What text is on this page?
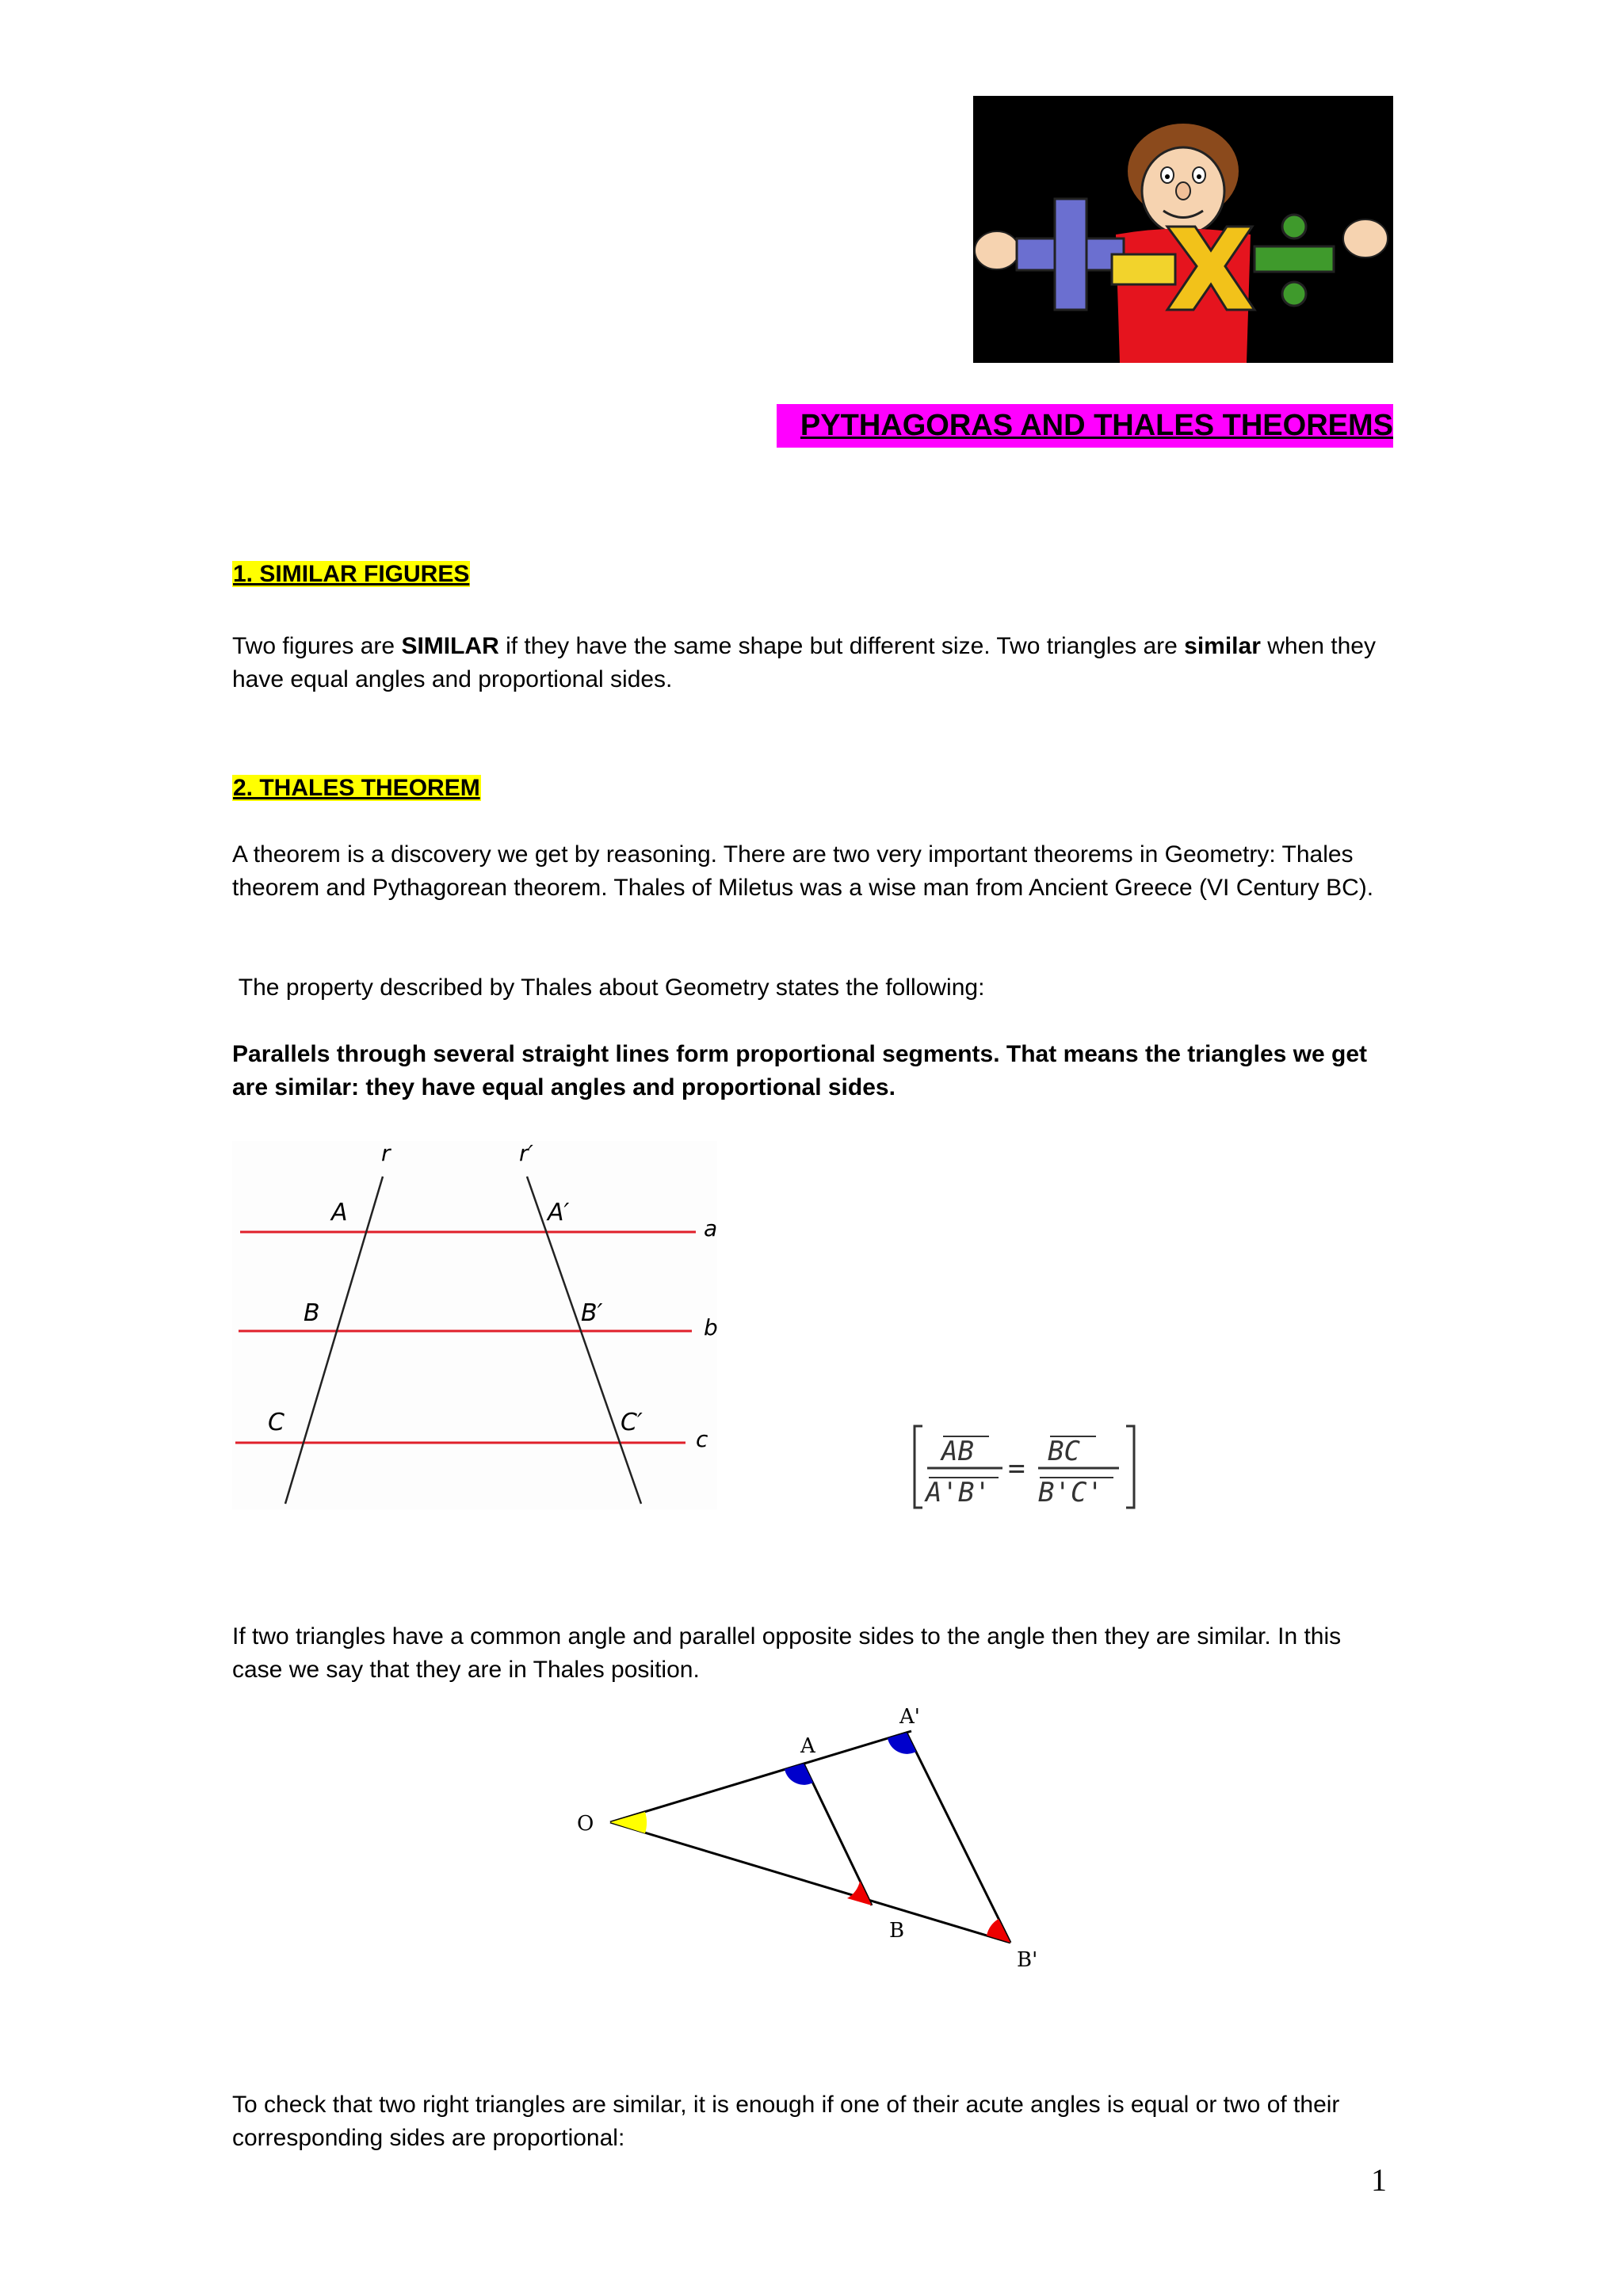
PYTHAGORAS AND THALES THEOREMS
1. SIMILAR FIGURES
Two figures are SIMILAR if they have the same shape but different size. Two triangles are similar when they have equal angles and proportional sides.
2. THALES THEOREM
A theorem is a discovery we get by reasoning. There are two very important theorems in Geometry: Thales theorem and Pythagorean theorem. Thales of Miletus was a wise man from Ancient Greece (VI Century BC).
The property described by Thales about Geometry states the following:
Parallels through several straight lines form proportional segments. That means the triangles we get are similar: they have equal angles and proportional sides.
r	r′
A	A′
B	B′
C	C′
a
b
c	AB
A'B'
=
BC
B'C'
If two triangles have a common angle and parallel opposite sides to the angle then they are similar. In this case we say that they are in Thales position.
O
A
A'
B
B'
To check that two right triangles are similar, it is enough if one of their acute angles is equal or two of their corresponding sides are proportional:
1
